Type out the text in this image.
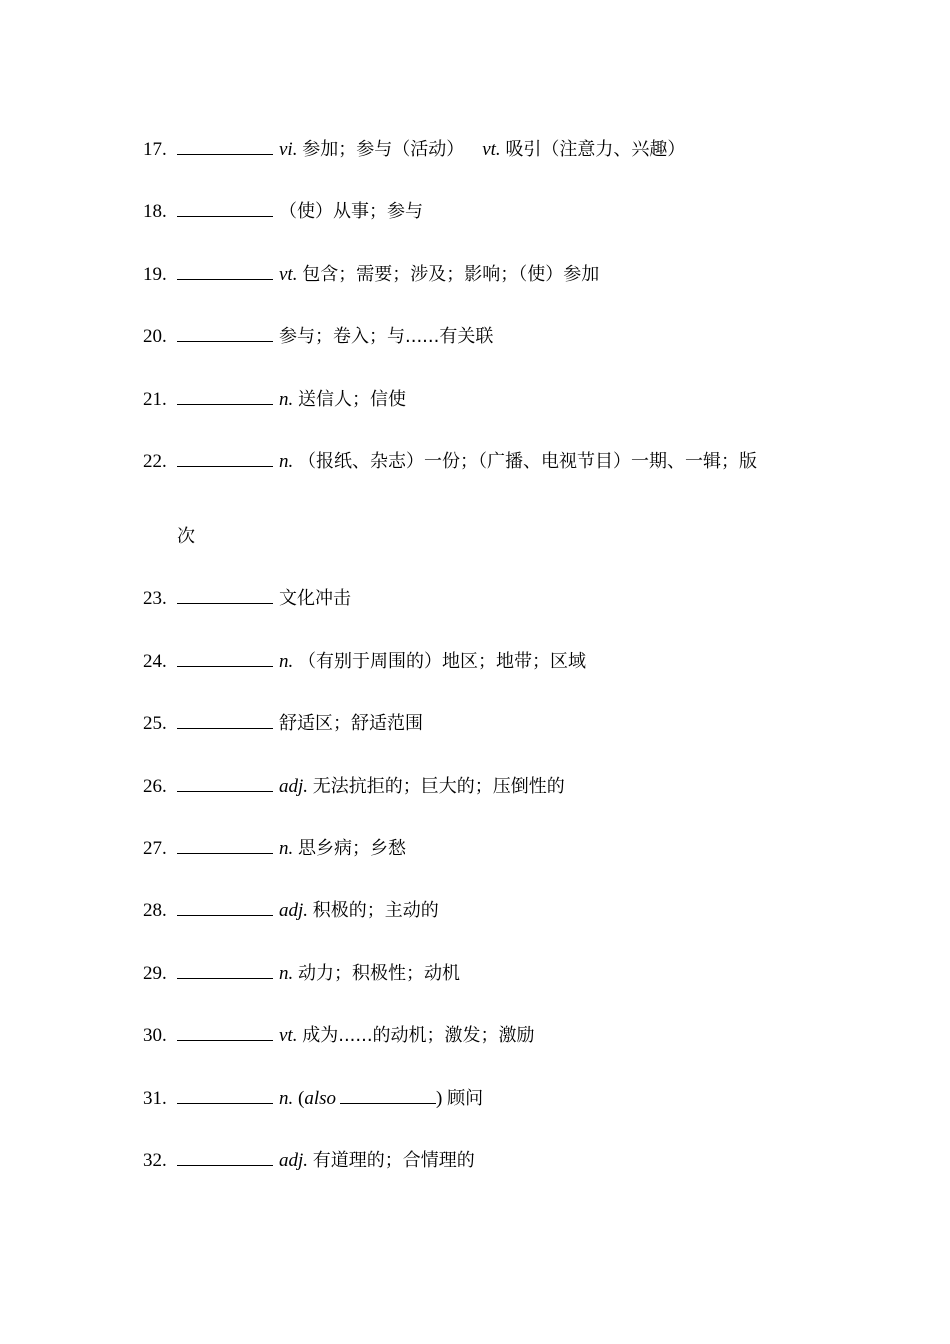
17.	vi. 参加；参与（活动） vt. 吸引（注意力、兴趣）
18.	（使）从事；参与
19.	vt. 包含；需要；涉及；影响；（使）参加
20.	参与；卷入；与......有关联
21.	n. 送信人；信使
22.	n. （报纸、杂志）一份；（广播、电视节目）一期、一辑；版
次
23.	文化冲击
24.	n. （有别于周围的）地区；地带；区域
25.	舒适区；舒适范围
26.	adj. 无法抗拒的；巨大的；压倒性的
27.	n. 思乡病；乡愁
28.	adj. 积极的；主动的
29.	n. 动力；积极性；动机
30.	vt. 成为......的动机；激发；激励
31.	n. (also	) 顾问
32.	adj. 有道理的；合情理的
